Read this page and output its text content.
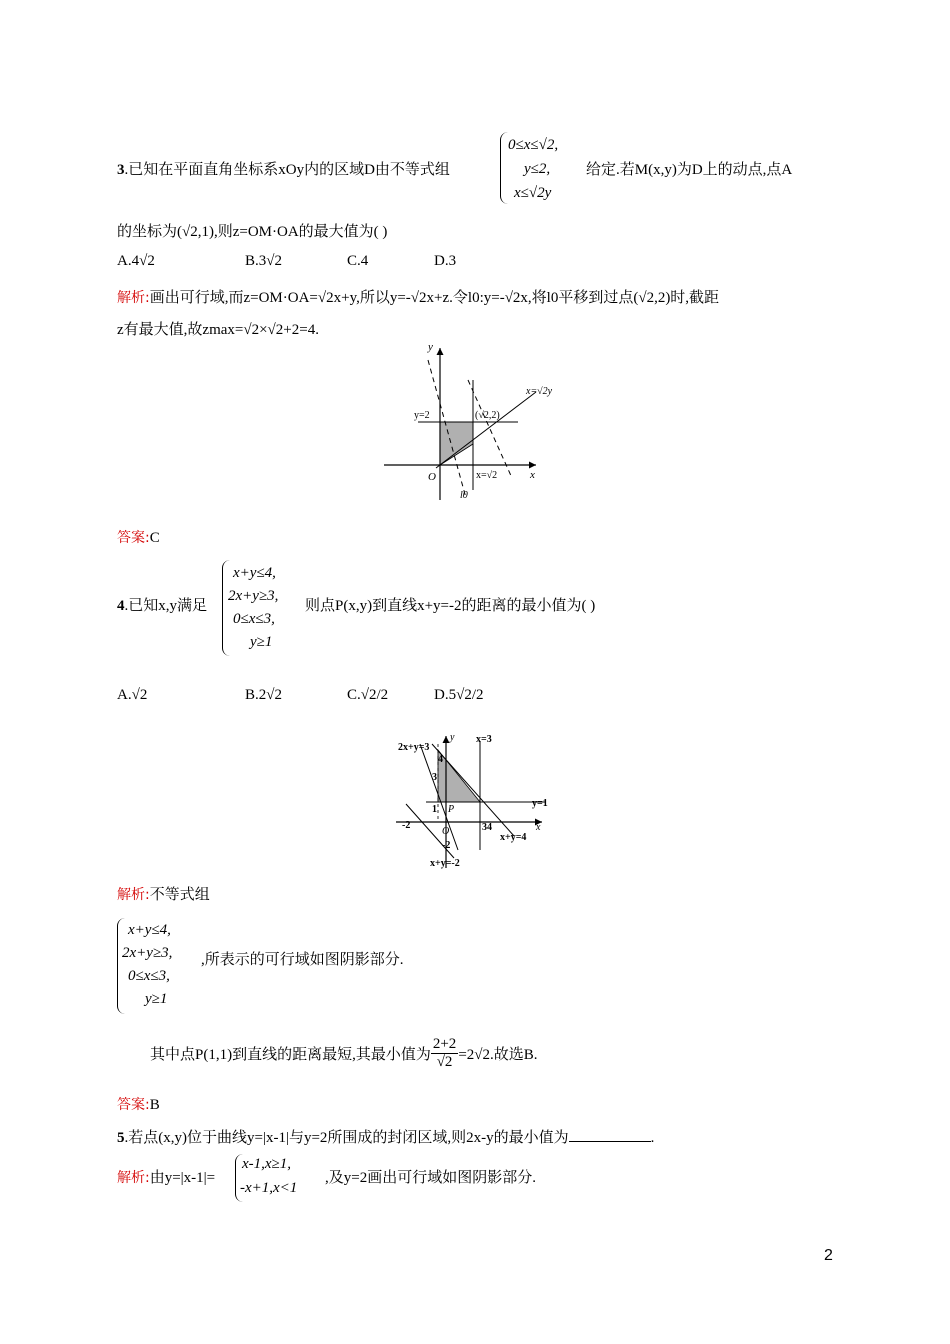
3.已知在平面直角坐标系xOy内的区域D由不等式组
0≤x≤√2,
y≤2,
x≤√2y
给定.若M(x,y)为D上的动点,点A
的坐标为(√2,1),则z=OM·OA的最大值为( )
A.4√2	B.3√2	C.4	D.3
解析:画出可行域,而z=OM·OA=√2x+y,所以y=-√2x+z.令l0:y=-√2x,将l0平移到过点(√2,2)时,截距
z有最大值,故zmax=√2×√2+2=4.
y
x
O
y=2	(√2,2)
x=√2y
x=√2
l0
答案:C
4.已知x,y满足
x+y≤4,
2x+y≥3,
0≤x≤3,
y≥1
则点P(x,y)到直线x+y=-2的距离的最小值为( )
A.√2	B.2√2	C.√2/2	D.5√2/2
2x+y=3
y x=3
4
3
1 P
y=1
-2
O	34	x
x+y=4
-2
x+y=-2
解析:不等式组
x+y≤4,
2x+y≥3,
0≤x≤3,
y≥1
,所表示的可行域如图阴影部分.
其中点P(1,1)到直线的距离最短,其最小值为 $\frac{2+2}{√2} =2√2$.故选B.
答案:B
5.若点(x,y)位于曲线y=|x-1|与y=2所围成的封闭区域,则2x-y的最小值为	.
解析:由y=|x-1|=
x-1,x≥1,
-x+1,x<1
,及y=2画出可行域如图阴影部分.
2
